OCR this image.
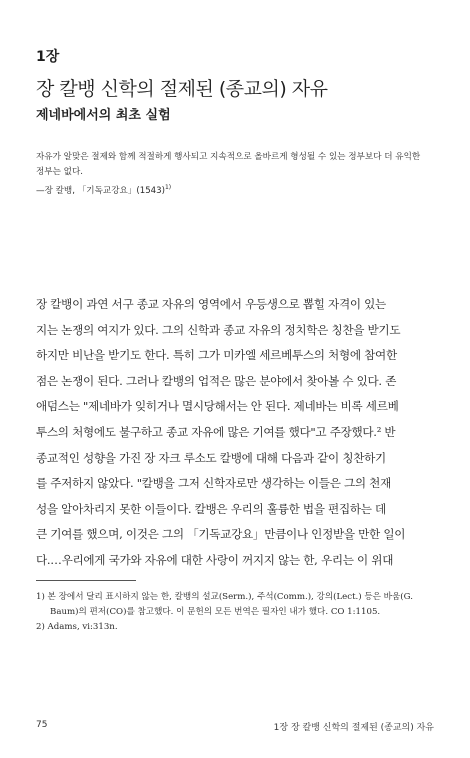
1장
장 칼뱅 신학의 절제된 (종교의) 자유
제네바에서의 최초 실험
자유가 알맞은 절제와 함께 적절하게 행사되고 지속적으로 올바르게 형성될 수 있는 정부보다 더 유익한
정부는 없다.
—장 칼뱅, 「기독교강요」$(1543)^{1)}$
장 칼뱅이 과연 서구 종교 자유의 영역에서 우등생으로 뽑힐 자격이 있는
지는 논쟁의 여지가 있다. 그의 신학과 종교 자유의 정치학은 칭찬을 받기도
하지만 비난을 받기도 한다. 특히 그가 미카엘 세르베투스의 처형에 참여한
점은 논쟁이 된다. 그러나 칼뱅의 업적은 많은 분야에서 찾아볼 수 있다. 존
애덤스는 "제네바가 잊히거나 멸시당해서는 안 된다. 제네바는 비록 세르베
투스의 처형에도 불구하고 종교 자유에 많은 기여를 했다"고 주장했다.² 반
종교적인 성향을 가진 장 자크 루소도 칼뱅에 대해 다음과 같이 칭찬하기
를 주저하지 않았다. "칼뱅을 그저 신학자로만 생각하는 이들은 그의 천재
성을 알아차리지 못한 이들이다. 칼뱅은 우리의 훌륭한 법을 편집하는 데
큰 기여를 했으며, 이것은 그의 「기독교강요」만큼이나 인정받을 만한 일이
다.…우리에게 국가와 자유에 대한 사랑이 꺼지지 않는 한, 우리는 이 위대
1) 본 장에서 달리 표시하지 않는 한, 칼뱅의 설교(Serm.), 주석(Comm.), 강의(Lect.) 등은 바움(G.
Baum)의 편저(CO)를 참고했다. 이 문헌의 모든 번역은 필자인 내가 했다. CO 1:1105.
2) Adams, vi:313n.
75	1장 장 칼뱅 신학의 절제된 (종교의) 자유
